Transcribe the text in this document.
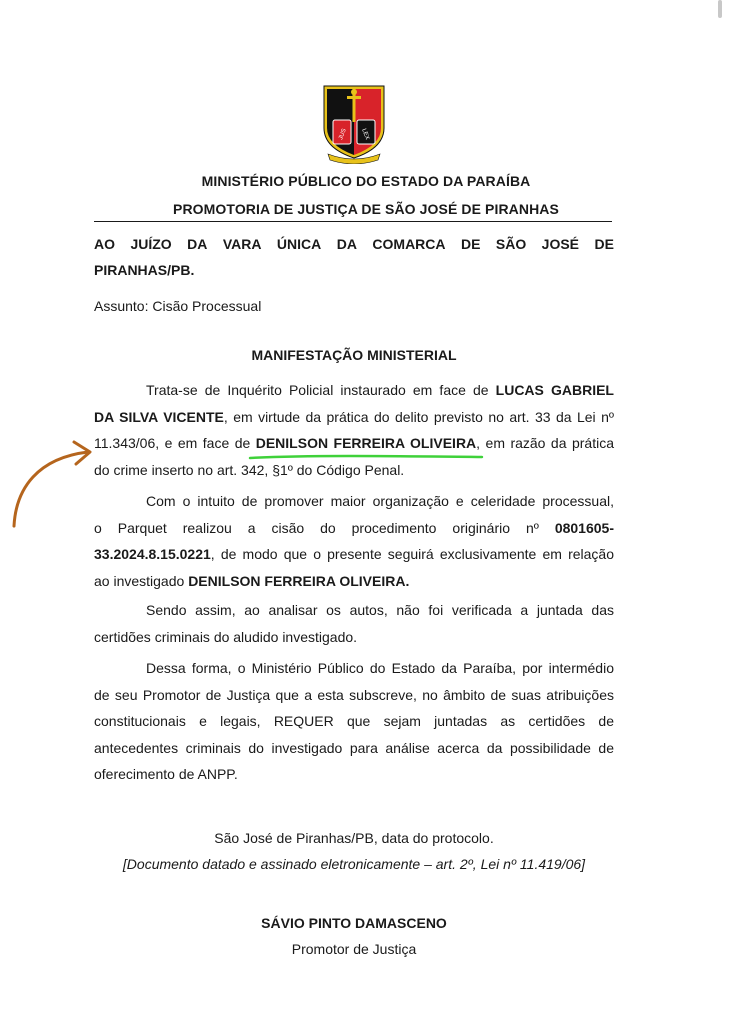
JUS LEX
MINISTÉRIO PÚBLICO DO ESTADO DA PARAÍBA
PROMOTORIA DE JUSTIÇA DE SÃO JOSÉ DE PIRANHAS
AO JUÍZO DA VARA ÚNICA DA COMARCA DE SÃO JOSÉ DE
PIRANHAS/PB.
Assunto: Cisão Processual
MANIFESTAÇÃO MINISTERIAL
Trata-se de Inquérito Policial instaurado em face de LUCAS GABRIEL
DA SILVA VICENTE, em virtude da prática do delito previsto no art. 33 da Lei nº
11.343/06, e em face de DENILSON FERREIRA OLIVEIRA, em razão da prática
do crime inserto no art. 342, §1º do Código Penal.
Com o intuito de promover maior organização e celeridade processual,
o Parquet realizou a cisão do procedimento originário nº 0801605-
33.2024.8.15.0221, de modo que o presente seguirá exclusivamente em relação
ao investigado DENILSON FERREIRA OLIVEIRA.
Sendo assim, ao analisar os autos, não foi verificada a juntada das
certidões criminais do aludido investigado.
Dessa forma, o Ministério Público do Estado da Paraíba, por intermédio
de seu Promotor de Justiça que a esta subscreve, no âmbito de suas atribuições
constitucionais e legais, REQUER que sejam juntadas as certidões de
antecedentes criminais do investigado para análise acerca da possibilidade de
oferecimento de ANPP.
São José de Piranhas/PB, data do protocolo.
[Documento datado e assinado eletronicamente – art. 2º, Lei nº 11.419/06]
SÁVIO PINTO DAMASCENO
Promotor de Justiça
